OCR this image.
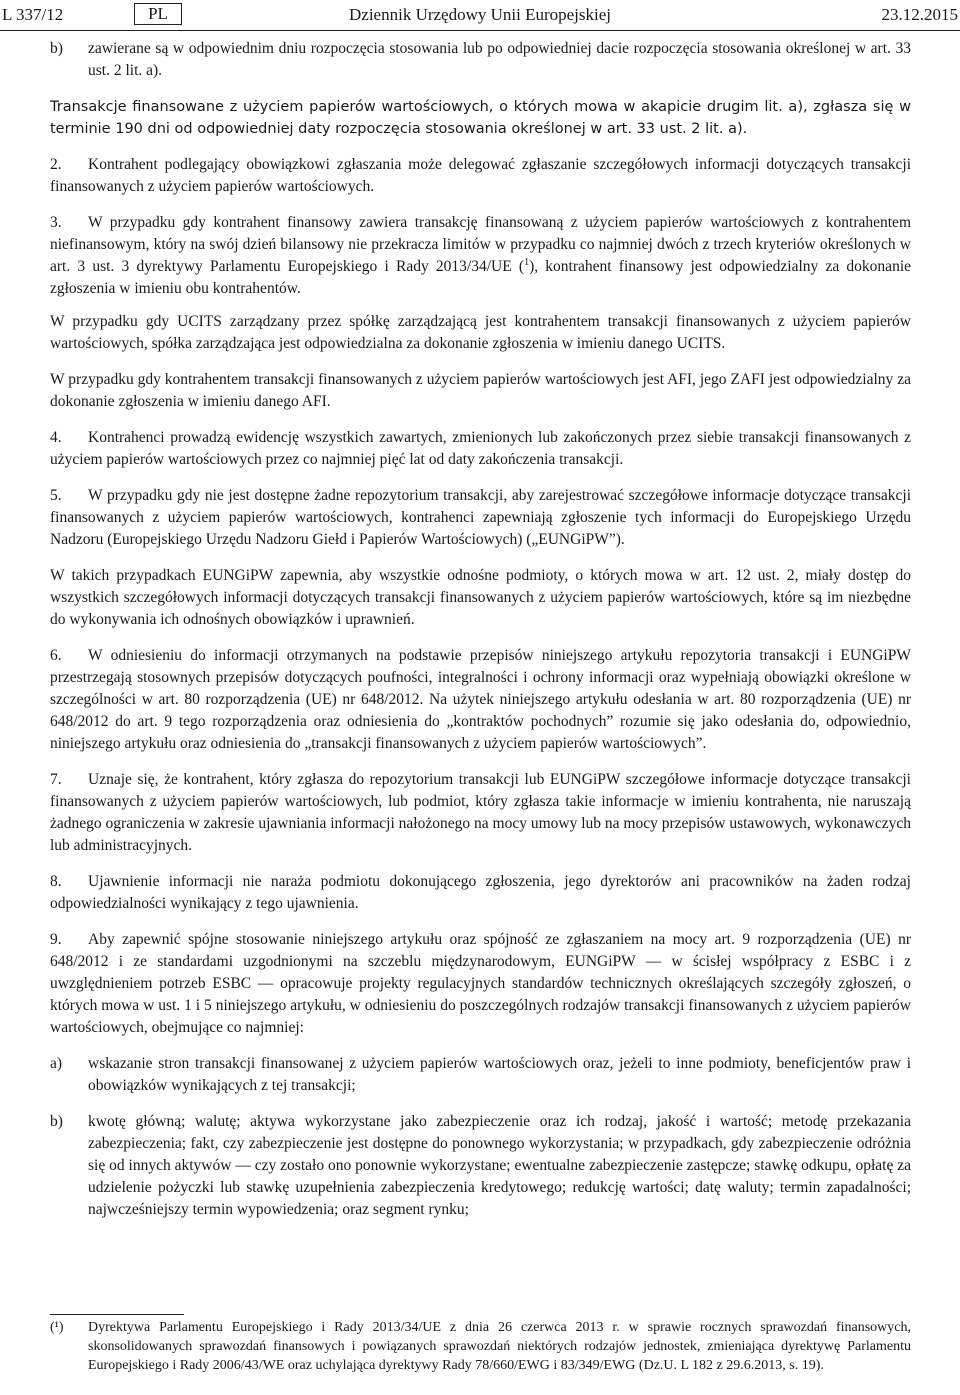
L 337/12	PL	Dziennik Urzędowy Unii Europejskiej	23.12.2015
b)	zawierane są w odpowiednim dniu rozpoczęcia stosowania lub po odpowiedniej dacie rozpoczęcia stosowania określonej w art. 33 ust. 2 lit. a).

Transakcje finansowane z użyciem papierów wartościowych, o których mowa w akapicie drugim lit. a), zgłasza się w terminie 190 dni od odpowiedniej daty rozpoczęcia stosowania określonej w art. 33 ust. 2 lit. a).

2. Kontrahent podlegający obowiązkowi zgłaszania może delegować zgłaszanie szczegółowych informacji dotyczących transakcji finansowanych z użyciem papierów wartościowych.

3. W przypadku gdy kontrahent finansowy zawiera transakcję finansowaną z użyciem papierów wartościowych z kontrahentem niefinansowym, który na swój dzień bilansowy nie przekracza limitów w przypadku co najmniej dwóch z trzech kryteriów określonych w art. 3 ust. 3 dyrektywy Parlamentu Europejskiego i Rady 2013/34/UE ($^1$), kontrahent finansowy jest odpowiedzialny za dokonanie zgłoszenia w imieniu obu kontrahentów.

W przypadku gdy UCITS zarządzany przez spółkę zarządzającą jest kontrahentem transakcji finansowanych z użyciem papierów wartościowych, spółka zarządzająca jest odpowiedzialna za dokonanie zgłoszenia w imieniu danego UCITS.

W przypadku gdy kontrahentem transakcji finansowanych z użyciem papierów wartościowych jest AFI, jego ZAFI jest odpowiedzialny za dokonanie zgłoszenia w imieniu danego AFI.

4. Kontrahenci prowadzą ewidencję wszystkich zawartych, zmienionych lub zakończonych przez siebie transakcji finansowanych z użyciem papierów wartościowych przez co najmniej pięć lat od daty zakończenia transakcji.

5. W przypadku gdy nie jest dostępne żadne repozytorium transakcji, aby zarejestrować szczegółowe informacje dotyczące transakcji finansowanych z użyciem papierów wartościowych, kontrahenci zapewniają zgłoszenie tych informacji do Europejskiego Urzędu Nadzoru (Europejskiego Urzędu Nadzoru Giełd i Papierów Wartościowych) („EUNGiPW”).

W takich przypadkach EUNGiPW zapewnia, aby wszystkie odnośne podmioty, o których mowa w art. 12 ust. 2, miały dostęp do wszystkich szczegółowych informacji dotyczących transakcji finansowanych z użyciem papierów wartościowych, które są im niezbędne do wykonywania ich odnośnych obowiązków i uprawnień.

6. W odniesieniu do informacji otrzymanych na podstawie przepisów niniejszego artykułu repozytoria transakcji i EUNGiPW przestrzegają stosownych przepisów dotyczących poufności, integralności i ochrony informacji oraz wypełniają obowiązki określone w szczególności w art. 80 rozporządzenia (UE) nr 648/2012. Na użytek niniejszego artykułu odesłania w art. 80 rozporządzenia (UE) nr 648/2012 do art. 9 tego rozporządzenia oraz odniesienia do „kontraktów pochodnych” rozumie się jako odesłania do, odpowiednio, niniejszego artykułu oraz odniesienia do „transakcji finansowanych z użyciem papierów wartościowych”.

7. Uznaje się, że kontrahent, który zgłasza do repozytorium transakcji lub EUNGiPW szczegółowe informacje dotyczące transakcji finansowanych z użyciem papierów wartościowych, lub podmiot, który zgłasza takie informacje w imieniu kontrahenta, nie naruszają żadnego ograniczenia w zakresie ujawniania informacji nałożonego na mocy umowy lub na mocy przepisów ustawowych, wykonawczych lub administracyjnych.

8. Ujawnienie informacji nie naraża podmiotu dokonującego zgłoszenia, jego dyrektorów ani pracowników na żaden rodzaj odpowiedzialności wynikający z tego ujawnienia.

9. Aby zapewnić spójne stosowanie niniejszego artykułu oraz spójność ze zgłaszaniem na mocy art. 9 rozporządzenia (UE) nr 648/2012 i ze standardami uzgodnionymi na szczeblu międzynarodowym, EUNGiPW — w ścisłej współpracy z ESBC i z uwzględnieniem potrzeb ESBC — opracowuje projekty regulacyjnych standardów technicznych określających szczegóły zgłoszeń, o których mowa w ust. 1 i 5 niniejszego artykułu, w odniesieniu do poszczególnych rodzajów transakcji finansowanych z użyciem papierów wartościowych, obejmujące co najmniej:

a)	wskazanie stron transakcji finansowanej z użyciem papierów wartościowych oraz, jeżeli to inne podmioty, beneficjentów praw i obowiązków wynikających z tej transakcji;
b)	kwotę główną; walutę; aktywa wykorzystane jako zabezpieczenie oraz ich rodzaj, jakość i wartość; metodę przekazania zabezpieczenia; fakt, czy zabezpieczenie jest dostępne do ponownego wykorzystania; w przypadkach, gdy zabezpieczenie odróżnia się od innych aktywów — czy zostało ono ponownie wykorzystane; ewentualne zabezpieczenie zastępcze; stawkę odkupu, opłatę za udzielenie pożyczki lub stawkę uzupełnienia zabezpieczenia kredytowego; redukcję wartości; datę waluty; termin zapadalności; najwcześniejszy termin wypowiedzenia; oraz segment rynku;
(¹)	Dyrektywa Parlamentu Europejskiego i Rady 2013/34/UE z dnia 26 czerwca 2013 r. w sprawie rocznych sprawozdań finansowych, skonsolidowanych sprawozdań finansowych i powiązanych sprawozdań niektórych rodzajów jednostek, zmieniająca dyrektywę Parlamentu Europejskiego i Rady 2006/43/WE oraz uchylająca dyrektywy Rady 78/660/EWG i 83/349/EWG (Dz.U. L 182 z 29.6.2013, s. 19).
